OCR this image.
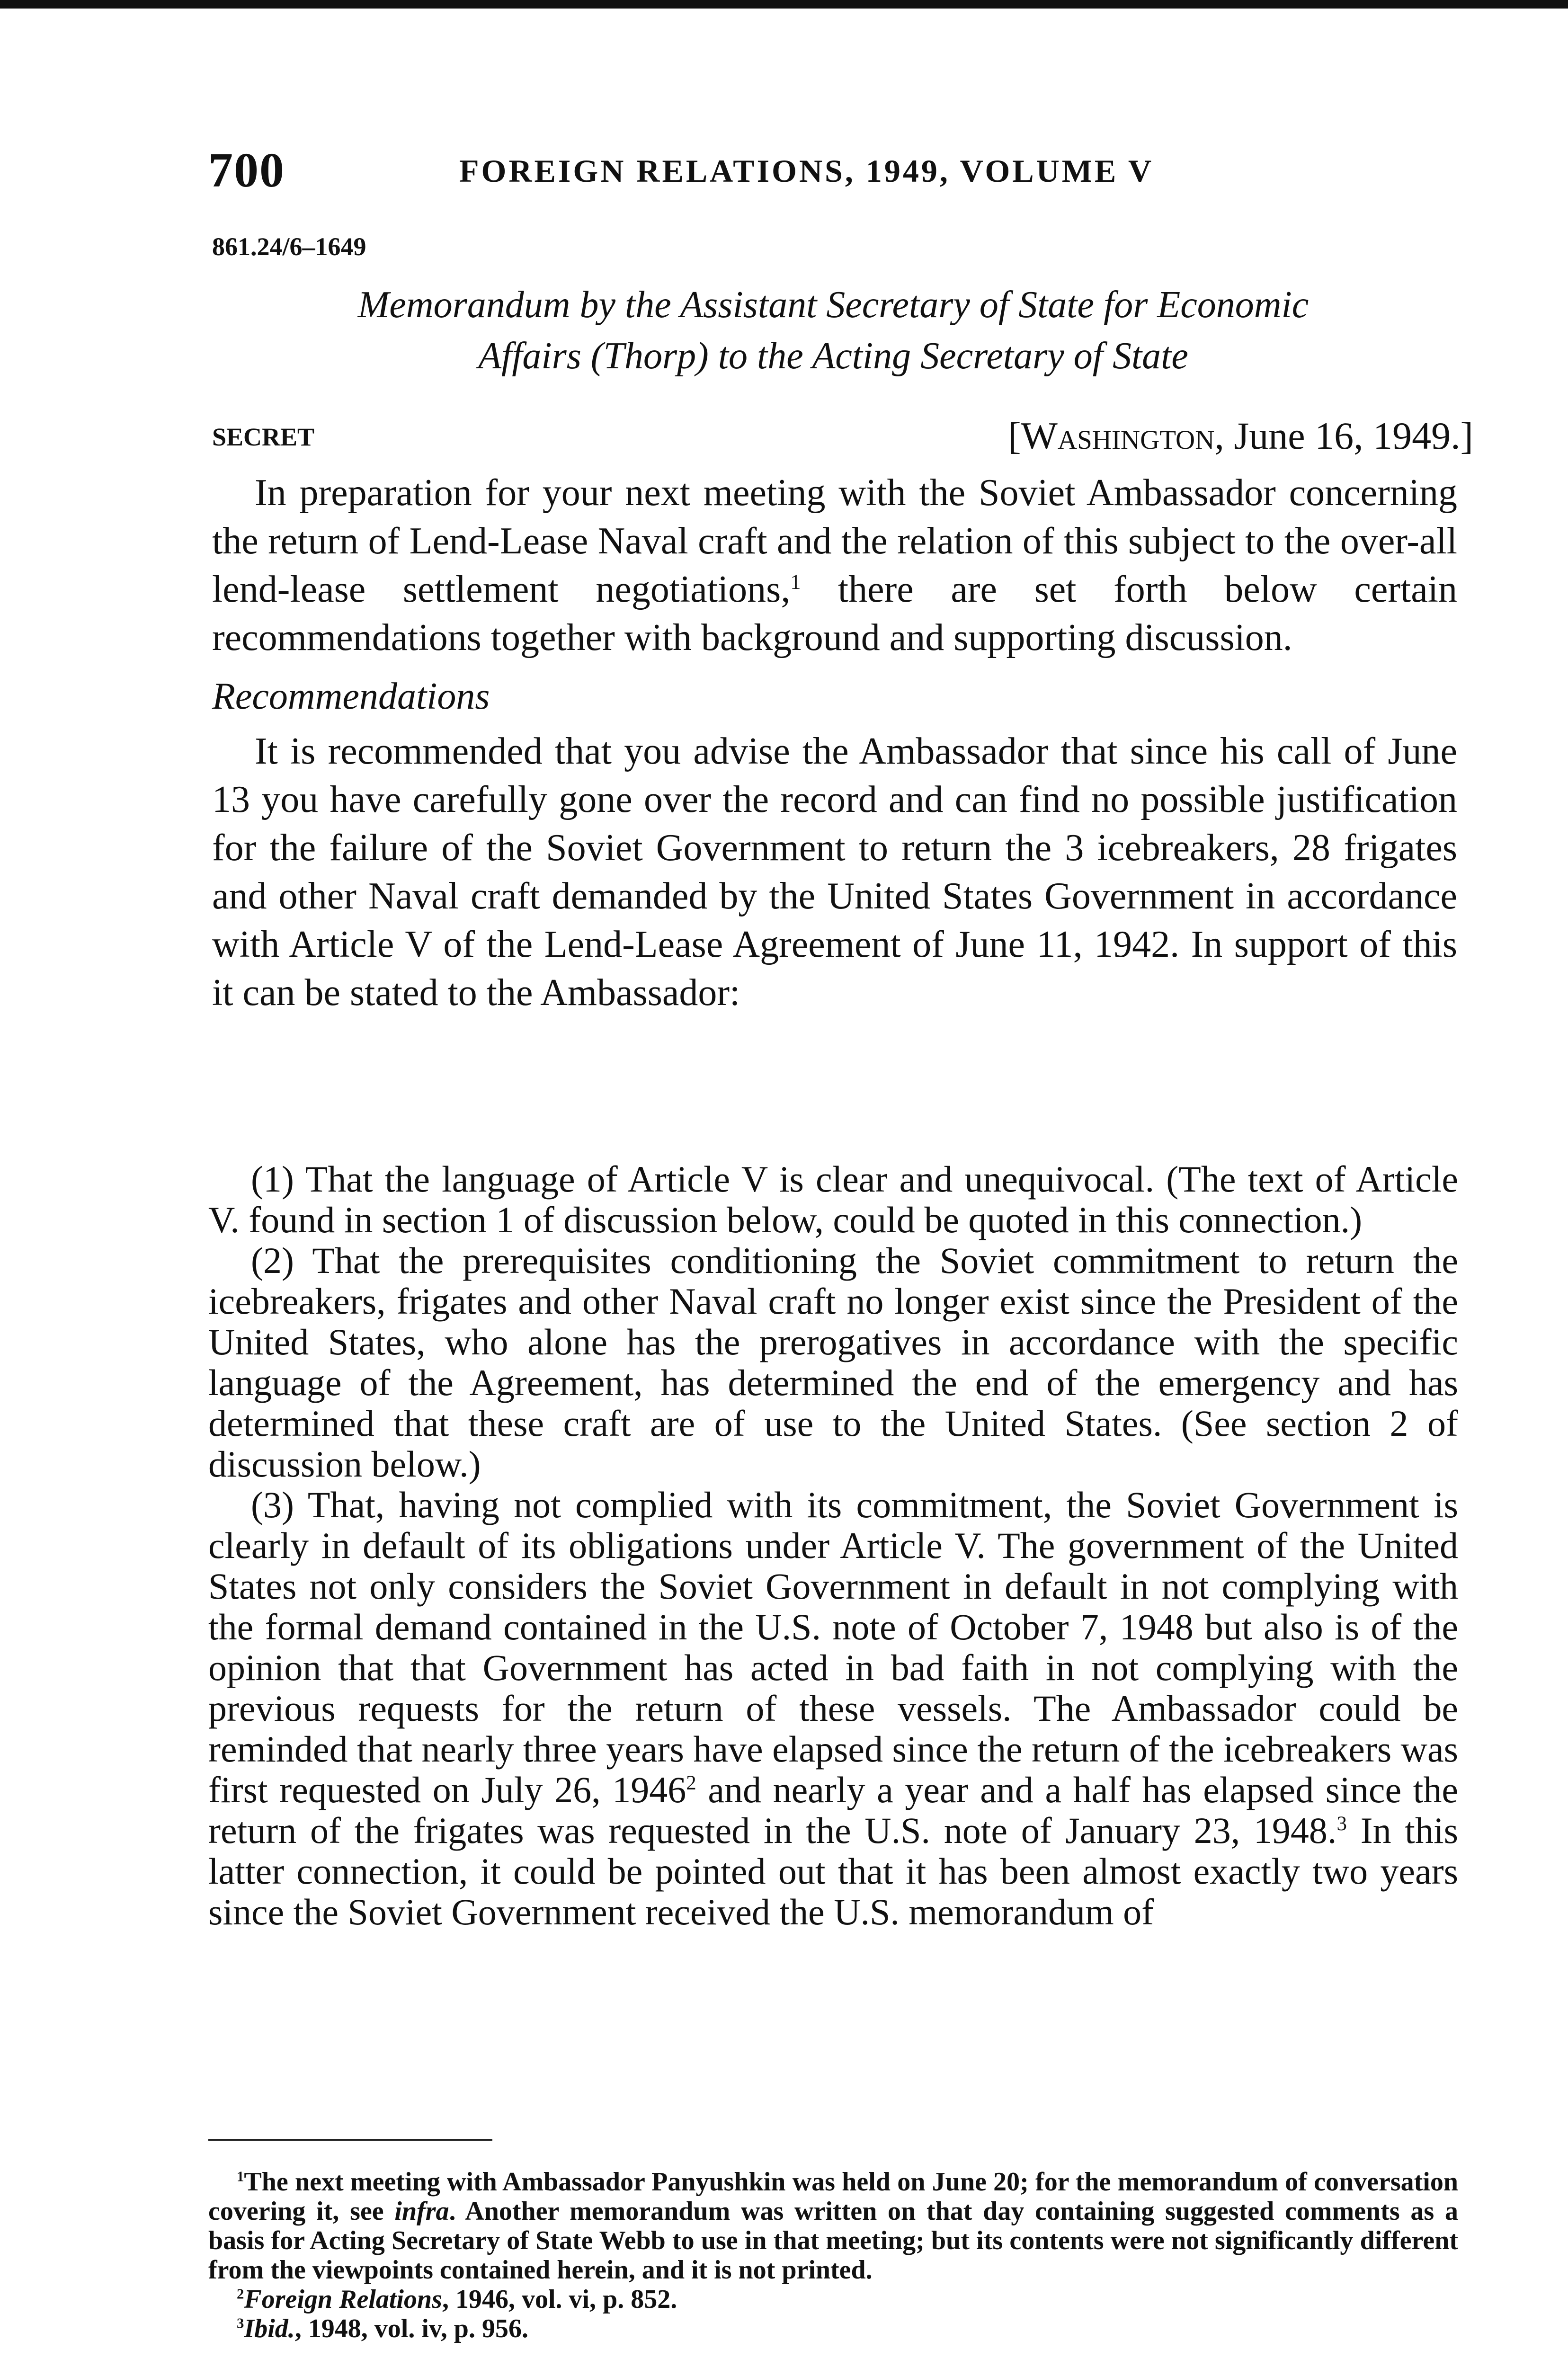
700	FOREIGN RELATIONS, 1949, VOLUME V
861.24/6–1649
Memorandum by the Assistant Secretary of State for Economic
Affairs (Thorp) to the Acting Secretary of State
SECRET	[Washington, June 16, 1949.]

In preparation for your next meeting with the Soviet Ambassador concerning the return of Lend-Lease Naval craft and the relation of this subject to the over-all lend-lease settlement negotiations,$^1$ there are set forth below certain recommendations together with background and supporting discussion.

Recommendations

It is recommended that you advise the Ambassador that since his call of June 13 you have carefully gone over the record and can find no possible justification for the failure of the Soviet Government to return the 3 icebreakers, 28 frigates and other Naval craft demanded by the United States Government in accordance with Article V of the Lend-Lease Agreement of June 11, 1942. In support of this it can be stated to the Ambassador:

(1) That the language of Article V is clear and unequivocal. (The text of Article V. found in section 1 of discussion below, could be quoted in this connection.)

(2) That the prerequisites conditioning the Soviet commitment to return the icebreakers, frigates and other Naval craft no longer exist since the President of the United States, who alone has the prerogatives in accordance with the specific language of the Agreement, has determined the end of the emergency and has determined that these craft are of use to the United States. (See section 2 of discussion below.)

(3) That, having not complied with its commitment, the Soviet Government is clearly in default of its obligations under Article V. The government of the United States not only considers the Soviet Government in default in not complying with the formal demand contained in the U.S. note of October 7, 1948 but also is of the opinion that that Government has acted in bad faith in not complying with the previous requests for the return of these vessels. The Ambassador could be reminded that nearly three years have elapsed since the return of the icebreakers was first requested on July 26, 1946$^2$ and nearly a year and a half has elapsed since the return of the frigates was requested in the U.S. note of January 23, 1948.$^3$ In this latter connection, it could be pointed out that it has been almost exactly two years since the Soviet Government received the U.S. memorandum of

$^1$The next meeting with Ambassador Panyushkin was held on June 20; for the memorandum of conversation covering it, see infra. Another memorandum was written on that day containing suggested comments as a basis for Acting Secretary of State Webb to use in that meeting; but its contents were not significantly different from the viewpoints contained herein, and it is not printed.

$^2$Foreign Relations, 1946, vol. vi, p. 852.

$^3$Ibid., 1948, vol. iv, p. 956.
